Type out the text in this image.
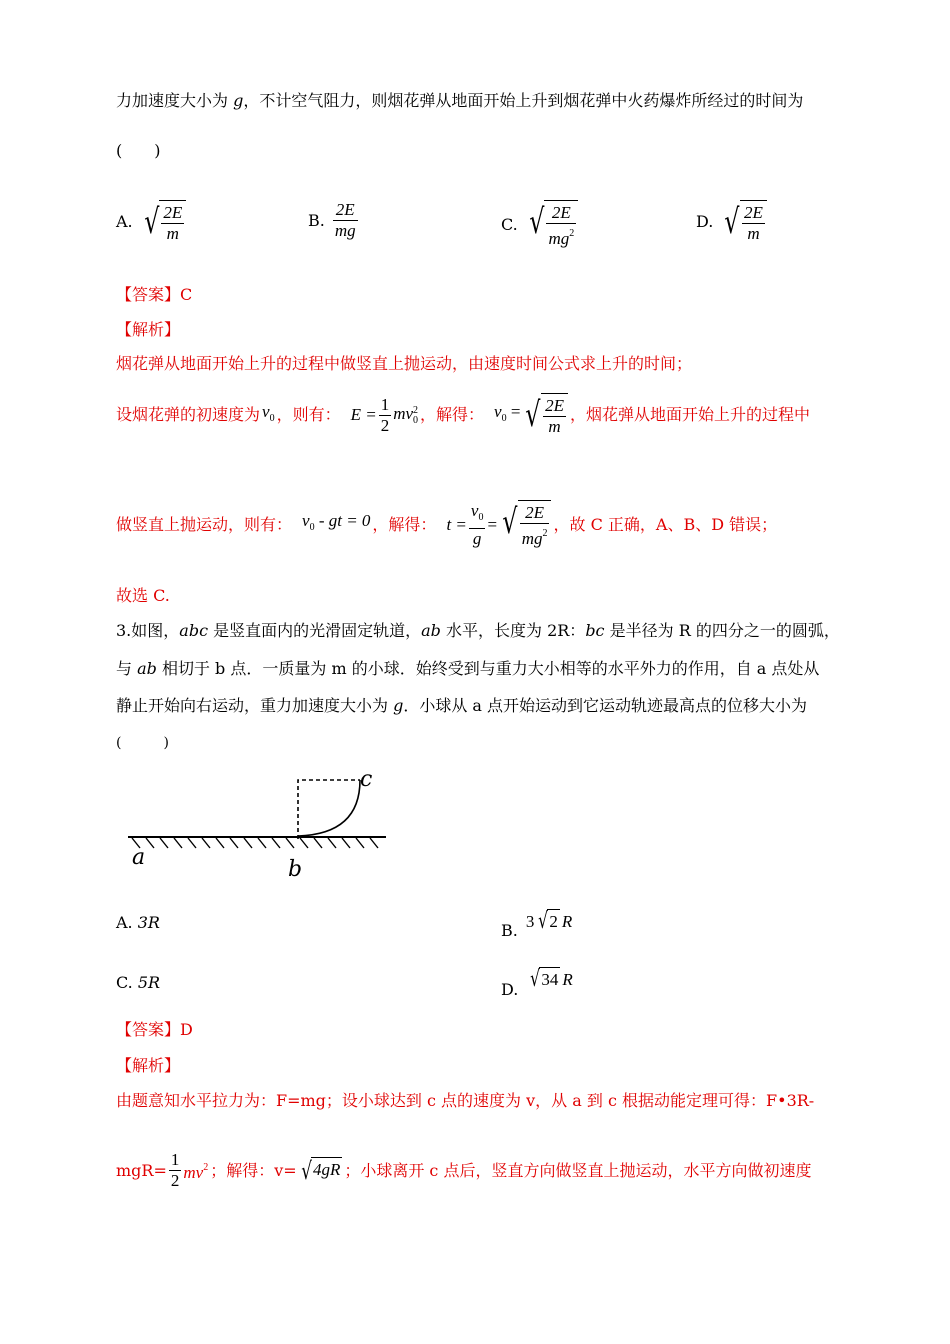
力加速度大小为 g，不计空气阻力，则烟花弹从地面开始上升到烟花弹中火药爆炸所经过的时间为
(　　)
A. √ $\frac{2E}{m}$	B. $\frac{2E}{mg}$	C. √ $\frac{2E}{mg^2}$	D. √ $\frac{2E}{m}$
【答案】C
【解析】
烟花弹从地面开始上升的过程中做竖直上抛运动，由速度时间公式求上升的时间；
设烟花弹的初速度为 $v_0$ ，则有： $E = \frac{1}{2}$ mv 2
0 ，解得： $v_0$ = √ $\frac{2E}{m}$ ，烟花弹从地面开始上升的过程中
做竖直上抛运动，则有： $v_0$ - gt = 0 ，解得： $t = \frac{v_0}{g}$ = √ $\frac{2E}{mg^2}$ ，故 C 正确，A、B、D 错误；
故选 C.
3.如图，abc 是竖直面内的光滑固定轨道，ab 水平，长度为 2R：bc 是半径为 R 的四分之一的圆弧，
与 ab 相切于 b 点．一质量为 m 的小球．始终受到与重力大小相等的水平外力的作用，自 a 点处从
静止开始向右运动，重力加速度大小为 g．小球从 a 点开始运动到它运动轨迹最高点的位移大小为
(　　　)
a	b
c
A. 3R	B. 3 √ 2 R
C. 5R	D. √ 34 R
【答案】D
【解析】
由题意知水平拉力为：F=mg；设小球达到 c 点的速度为 v，从 a 到 c 根据动能定理可得：F•3R-
$mgR= \frac{1}{2} mv^2$ ；解得：v= √ 4gR ；小球离开 c 点后，竖直方向做竖直上抛运动，水平方向做初速度
